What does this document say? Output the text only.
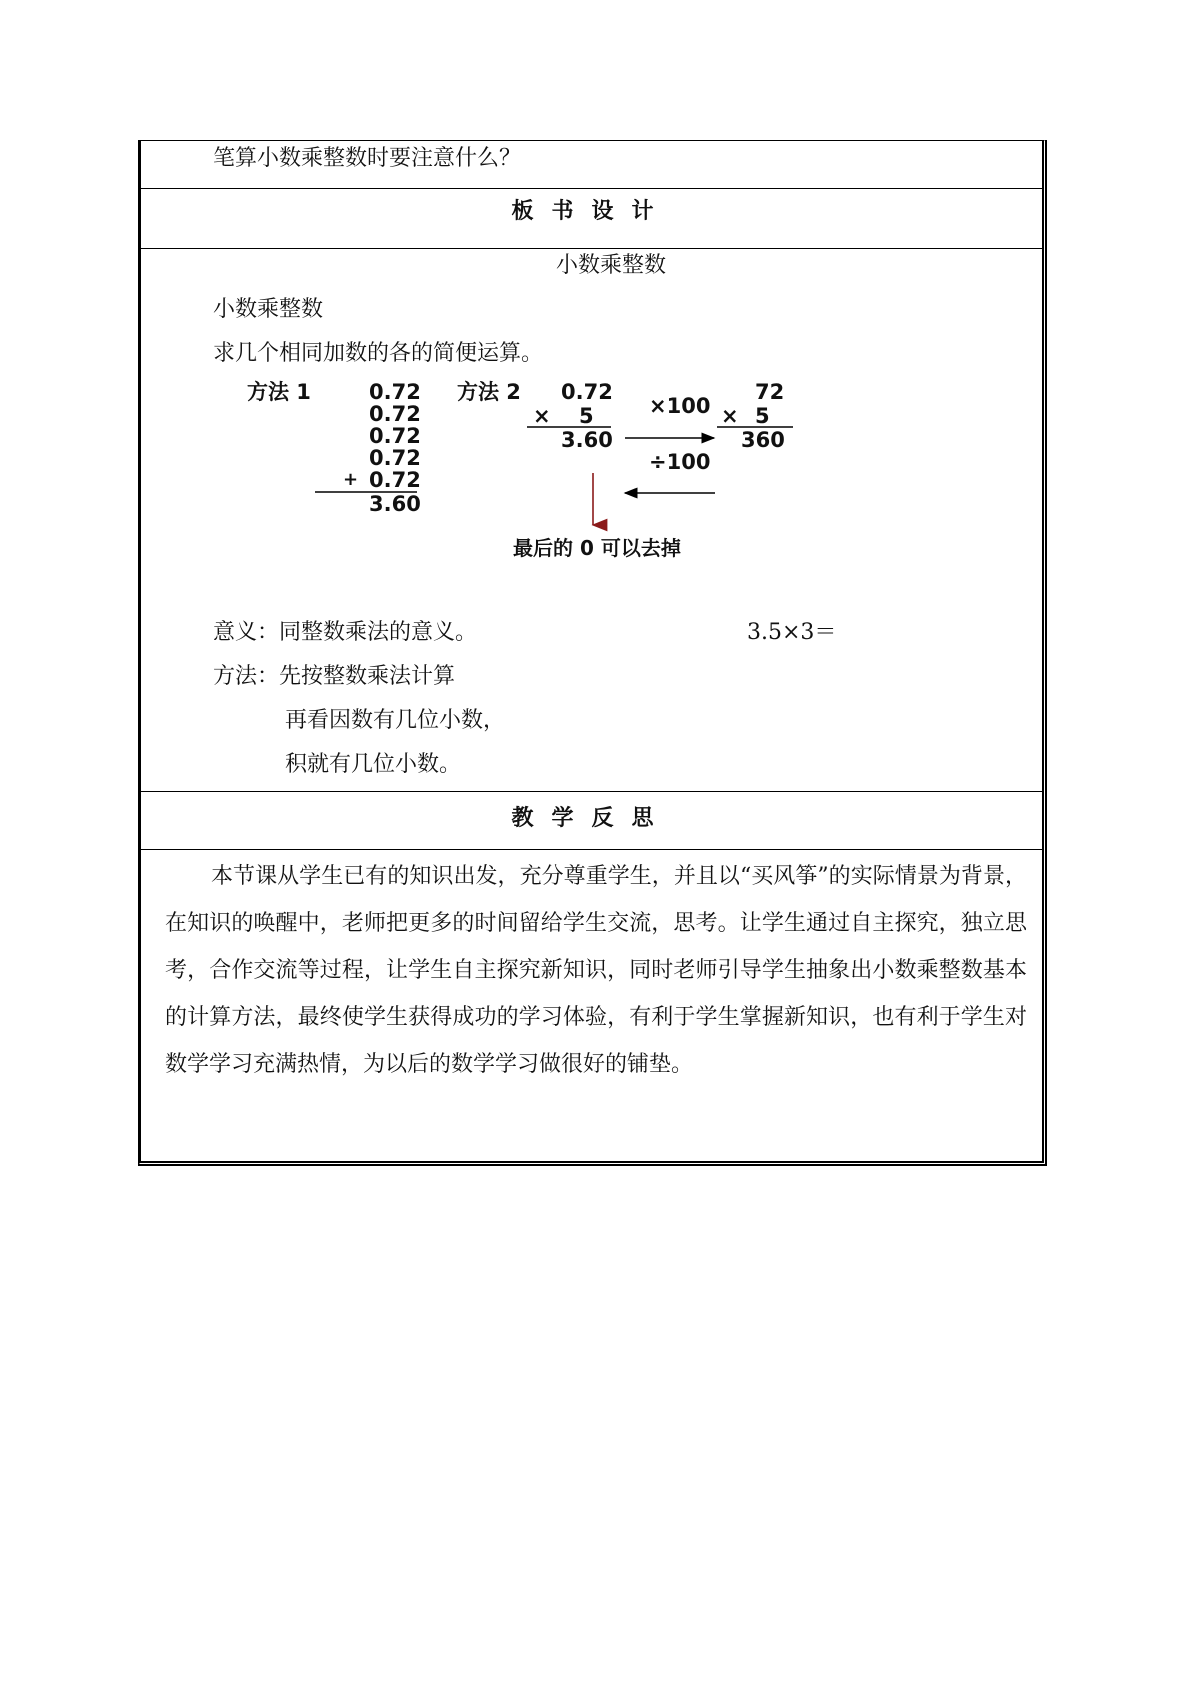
笔算小数乘整数时要注意什么？
板书设计
小数乘整数
小数乘整数
求几个相同加数的各的简便运算。
方法 1	0.72
0.72
0.72
0.72
+ 0.72
3.60
方法 2 0.72
× 5
3.60
×100
÷100
72
× 5
360
最后的 0 可以去掉
意义：同整数乘法的意义。	3.5×3＝
方法：先按整数乘法计算
再看因数有几位小数，
积就有几位小数。
教学反思
本节课从学生已有的知识出发，充分尊重学生，并且以“买风筝”的实际情景为背景，在知识的唤醒中，老师把更多的时间留给学生交流，思考。让学生通过自主探究，独立思考，合作交流等过程，让学生自主探究新知识，同时老师引导学生抽象出小数乘整数基本的计算方法，最终使学生获得成功的学习体验，有利于学生掌握新知识，也有利于学生对数学学习充满热情，为以后的数学学习做很好的铺垫。
